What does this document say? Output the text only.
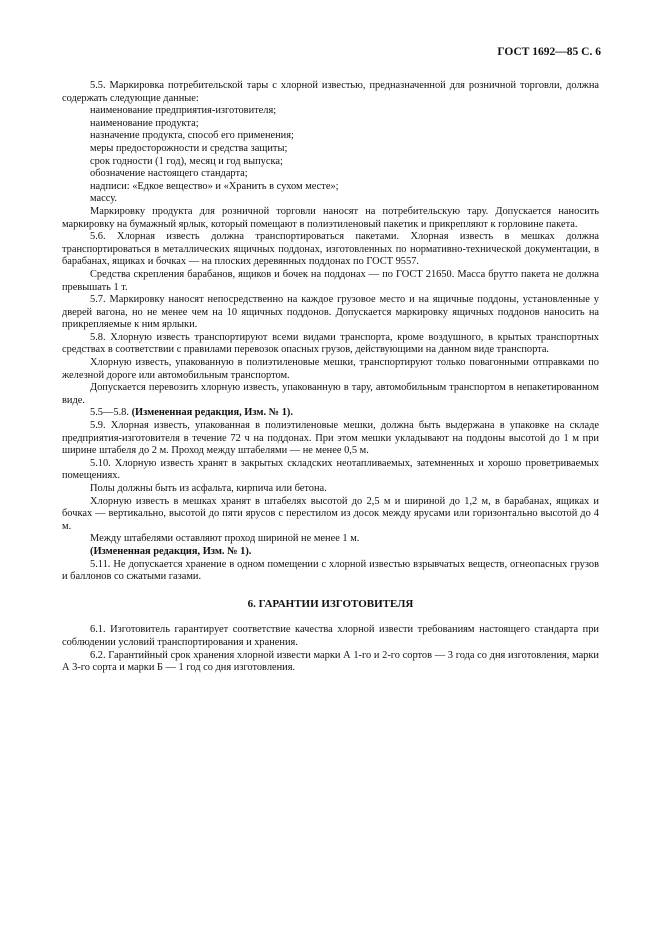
ГОСТ 1692—85 С. 6

5.5. Маркировка потребительской тары с хлорной известью, предназначенной для розничной торговли, должна содержать следующие данные:

наименование предприятия-изготовителя;

наименование продукта;

назначение продукта, способ его применения;

меры предосторожности и средства защиты;

срок годности (1 год), месяц и год выпуска;

обозначение настоящего стандарта;

надписи: «Едкое вещество» и «Хранить в сухом месте»;

массу.

Маркировку продукта для розничной торговли наносят на потребительскую тару. Допускается наносить маркировку на бумажный ярлык, который помещают в полиэтиленовый пакетик и прикрепляют к горловине пакета.

5.6. Хлорная известь должна транспортироваться пакетами. Хлорная известь в мешках должна транспортироваться в металлических ящичных поддонах, изготовленных по нормативно-технической документации, в барабанах, ящиках и бочках — на плоских деревянных поддонах по ГОСТ 9557.

Средства скрепления барабанов, ящиков и бочек на поддонах — по ГОСТ 21650. Масса брутто пакета не должна превышать 1 т.

5.7. Маркировку наносят непосредственно на каждое грузовое место и на ящичные поддоны, установленные у дверей вагона, но не менее чем на 10 ящичных поддонов. Допускается маркировку ящичных поддонов наносить на прикрепляемые к ним ярлыки.

5.8. Хлорную известь транспортируют всеми видами транспорта, кроме воздушного, в крытых транспортных средствах в соответствии с правилами перевозок опасных грузов, действующими на данном виде транспорта.

Хлорную известь, упакованную в полиэтиленовые мешки, транспортируют только повагонными отправками по железной дороге или автомобильным транспортом.

Допускается перевозить хлорную известь, упакованную в тару, автомобильным транспортом в непакетированном виде.

5.5—5.8. (Измененная редакция, Изм. № 1).

5.9. Хлорная известь, упакованная в полиэтиленовые мешки, должна быть выдержана в упаковке на складе предприятия-изготовителя в течение 72 ч на поддонах. При этом мешки укладывают на поддоны высотой до 1 м при ширине штабеля до 2 м. Проход между штабелями — не менее 0,5 м.

5.10. Хлорную известь хранят в закрытых складских неотапливаемых, затемненных и хорошо проветриваемых помещениях.

Полы должны быть из асфальта, кирпича или бетона.

Хлорную известь в мешках хранят в штабелях высотой до 2,5 м и шириной до 1,2 м, в барабанах, ящиках и бочках — вертикально, высотой до пяти ярусов с перестилом из досок между ярусами или горизонтально высотой до 4 м.

Между штабелями оставляют проход шириной не менее 1 м.

(Измененная редакция, Изм. № 1).

5.11. Не допускается хранение в одном помещении с хлорной известью взрывчатых веществ, огнеопасных грузов и баллонов со сжатыми газами.

6. ГАРАНТИИ ИЗГОТОВИТЕЛЯ

6.1. Изготовитель гарантирует соответствие качества хлорной извести требованиям настоящего стандарта при соблюдении условий транспортирования и хранения.

6.2. Гарантийный срок хранения хлорной извести марки А 1-го и 2-го сортов — 3 года со дня изготовления, марки А 3-го сорта и марки Б — 1 год со дня изготовления.
